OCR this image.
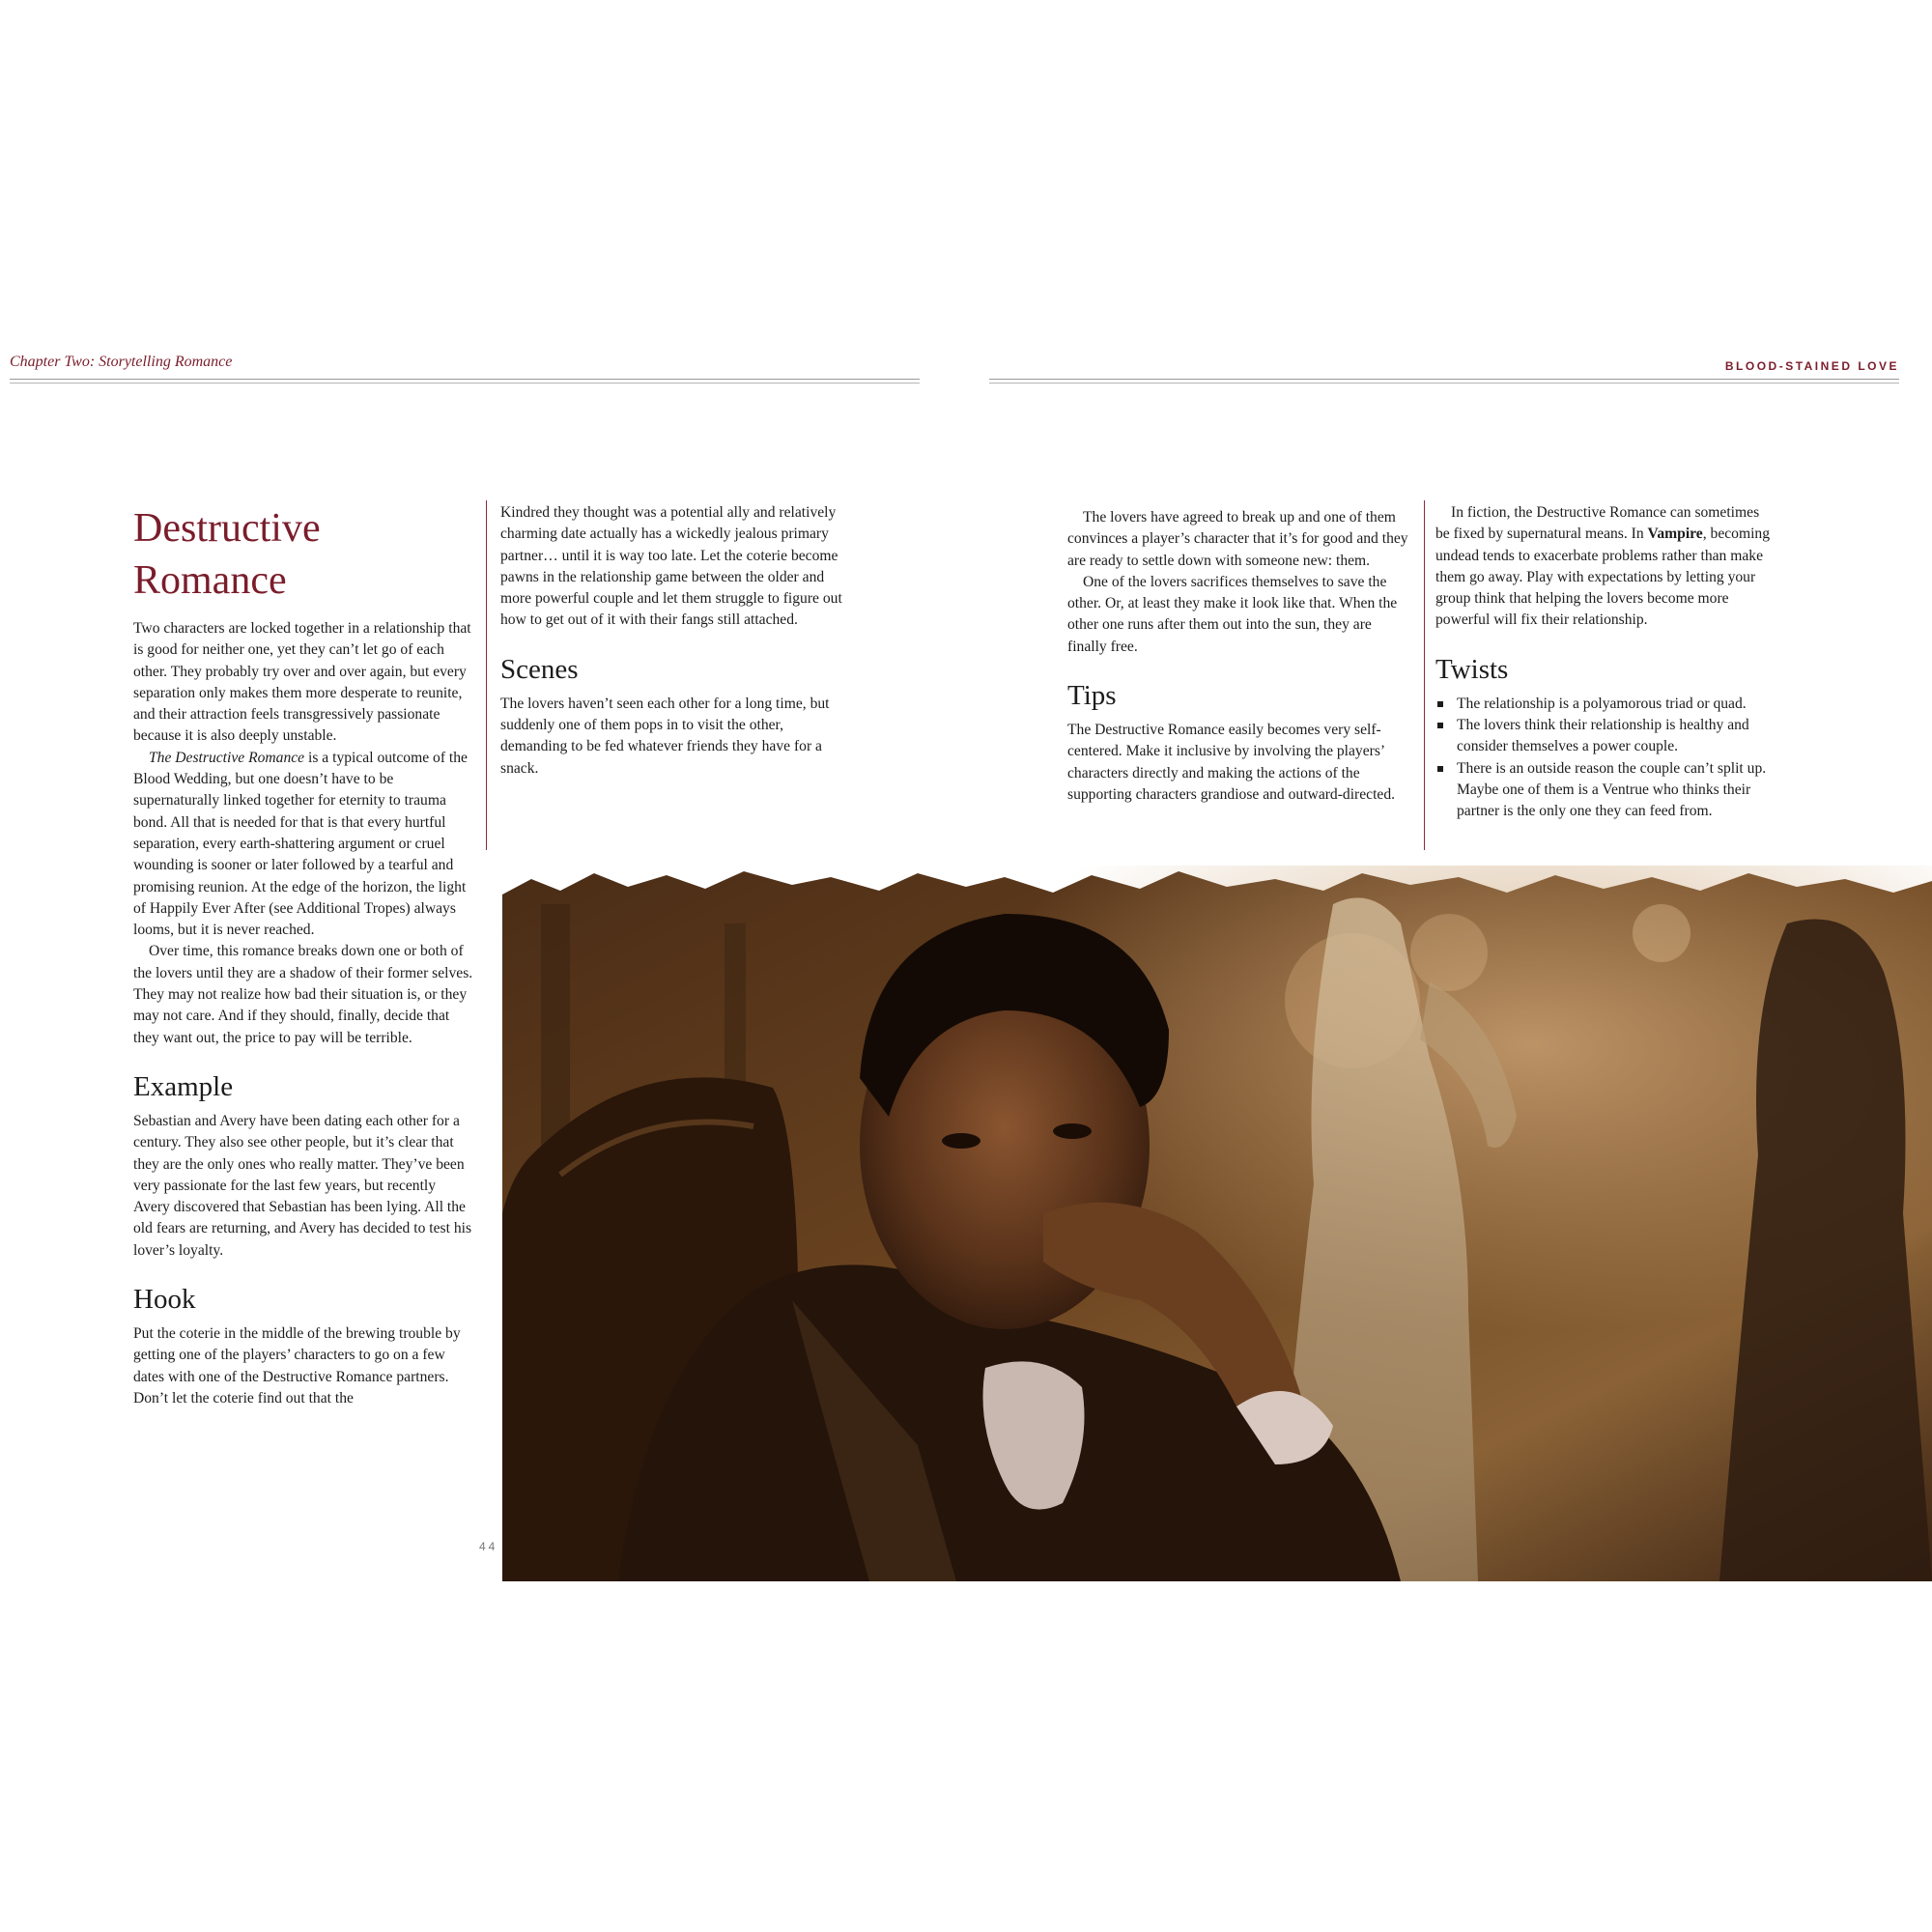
Chapter Two: Storytelling Romance	BLOOD-STAINED LOVE
Destructive
Romance

Two characters are locked together in a relationship that is good for neither one, yet they can’t let go of each other. They probably try over and over again, but every separation only makes them more desperate to reunite, and their attraction feels transgressively passionate because it is also deeply unstable.

The Destructive Romance is a typical outcome of the Blood Wedding, but one doesn’t have to be supernaturally linked together for eternity to trauma bond. All that is needed for that is that every hurtful separation, every earth-shattering argument or cruel wounding is sooner or later followed by a tearful and promising reunion. At the edge of the horizon, the light of Happily Ever After (see Additional Tropes) always looms, but it is never reached.

Over time, this romance breaks down one or both of the lovers until they are a shadow of their former selves. They may not realize how bad their situation is, or they may not care. And if they should, finally, decide that they want out, the price to pay will be terrible.

Example

Sebastian and Avery have been dating each other for a century. They also see other people, but it’s clear that they are the only ones who really matter. They’ve been very passionate for the last few years, but recently Avery discovered that Sebastian has been lying. All the old fears are returning, and Avery has decided to test his lover’s loyalty.

Hook

Put the coterie in the middle of the brewing trouble by getting one of the players’ characters to go on a few dates with one of the Destructive Romance partners. Don’t let the coterie find out that the

Kindred they thought was a potential ally and relatively charming date actually has a wickedly jealous primary partner… until it is way too late. Let the coterie become pawns in the relationship game between the older and more powerful couple and let them struggle to figure out how to get out of it with their fangs still attached.

Scenes

The lovers haven’t seen each other for a long time, but suddenly one of them pops in to visit the other, demanding to be fed whatever friends they have for a snack.

The lovers have agreed to break up and one of them convinces a player’s character that it’s for good and they are ready to settle down with someone new: them.

One of the lovers sacrifices themselves to save the other. Or, at least they make it look like that. When the other one runs after them out into the sun, they are finally free.

Tips

The Destructive Romance easily becomes very self-centered. Make it inclusive by involving the players’ characters directly and making the actions of the supporting characters grandiose and outward-directed.

In fiction, the Destructive Romance can sometimes be fixed by supernatural means. In Vampire, becoming undead tends to exacerbate problems rather than make them go away. Play with expectations by letting your group think that helping the lovers become more powerful will fix their relationship.

Twists
The relationship is a polyamorous triad or quad.
The lovers think their relationship is healthy and consider themselves a power couple.
There is an outside reason the couple can’t split up. Maybe one of them is a Ventrue who thinks their partner is the only one they can feed from.
44
